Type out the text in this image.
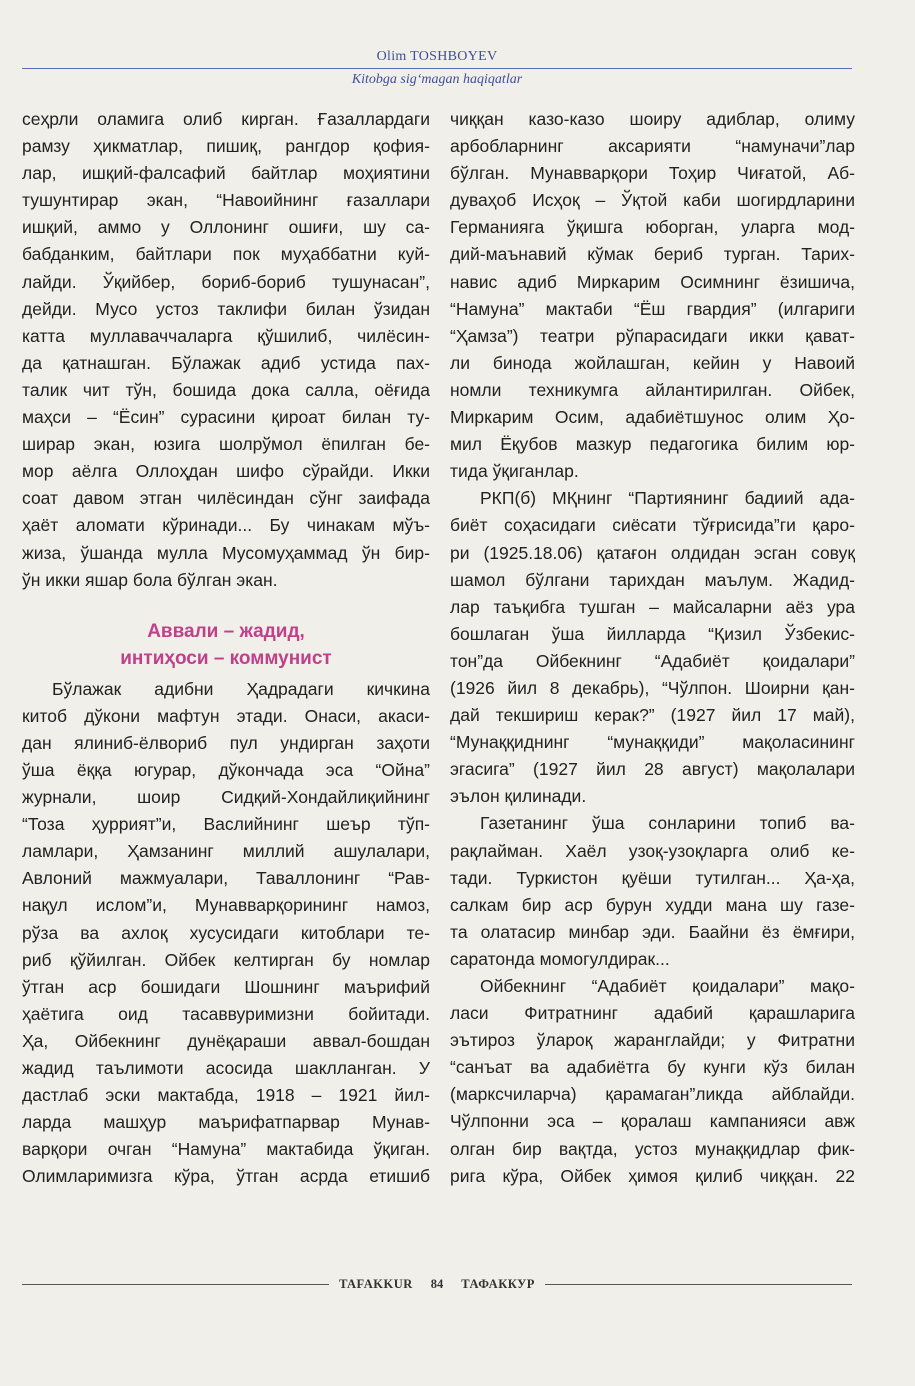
Olim TOSHBOYEV
Kitobga sig‘magan haqiqatlar
сеҳрли оламига олиб кирган. Ғазаллардаги
рамзу ҳикматлар, пишиқ, рангдор қофия-
лар, ишқий-фалсафий байтлар моҳиятини
тушунтирар экан, “Навоийнинг ғазаллари
ишқий, аммо у Оллонинг ошиғи, шу са-
бабданким, байтлари пок муҳаббатни куй-
лайди. Ўқийбер, бориб-бориб тушунасан”,
дейди. Мусо устоз таклифи билан ўзидан
катта муллаваччаларга қўшилиб, чилёсин-
да қатнашган. Бўлажак адиб устида пах-
талик чит тўн, бошида дока салла, оёғида
маҳси – “Ёсин” сурасини қироат билан ту-
ширар экан, юзига шолрўмол ёпилган бе-
мор аёлга Оллоҳдан шифо сўрайди. Икки
соат давом этган чилёсиндан сўнг заифада
ҳаёт аломати кўринади... Бу чинакам мўъ-
жиза, ўшанда мулла Мусомуҳаммад ўн бир-
ўн икки яшар бола бўлган экан.
Аввали – жадид,
интиҳоси – коммунист
Бўлажак адибни Ҳадрадаги кичкина
китоб дўкони мафтун этади. Онаси, акаси-
дан ялиниб-ёлвориб пул ундирган заҳоти
ўша ёққа югурар, дўкончада эса “Ойна”
журнали, шоир Сидқий-Хондайлиқийнинг
“Тоза ҳуррият”и, Васлийнинг шеър тўп-
ламлари, Ҳамзанинг миллий ашулалари,
Авлоний мажмуалари, Таваллонинг “Рав-
нақул ислом”и, Мунавварқорининг намоз,
рўза ва ахлоқ хусусидаги китоблари те-
риб қўйилган. Ойбек келтирган бу номлар
ўтган аср бошидаги Шошнинг маърифий
ҳаётига оид тасаввуримизни бойитади.
Ҳа, Ойбекнинг дунёқараши аввал-бошдан
жадид таълимоти асосида шаклланган. У
дастлаб эски мактабда, 1918 – 1921 йил-
ларда машҳур маърифатпарвар Мунав-
варқори очган “Намуна” мактабида ўқиган.
Олимларимизга кўра, ўтган асрда етишиб
чиққан казо-казо шоиру адиблар, олиму
арбобларнинг аксарияти “намуначи”лар
бўлган. Мунавварқори Тоҳир Чиғатой, Аб-
дуваҳоб Исҳоқ – Ўқтой каби шогирдларини
Германияга ўқишга юборган, уларга мод-
дий-маънавий кўмак бериб турган. Тарих-
навис адиб Миркарим Осимнинг ёзишича,
“Намуна” мактаби “Ёш гвардия” (илгариги
“Ҳамза”) театри рўпарасидаги икки қават-
ли бинода жойлашган, кейин у Навоий
номли техникумга айлантирилган. Ойбек,
Миркарим Осим, адабиётшунос олим Ҳо-
мил Ёқубов мазкур педагогика билим юр-
тида ўқиганлар.
РКП(б) МҚнинг “Партиянинг бадиий ада-
биёт соҳасидаги сиёсати тўғрисида”ги қаро-
ри (1925.18.06) қатағон олдидан эсган совуқ
шамол бўлгани тарихдан маълум. Жадид-
лар таъқибга тушган – майсаларни аёз ура
бошлаган ўша йилларда “Қизил Ўзбекис-
тон”да Ойбекнинг “Адабиёт қоидалари”
(1926 йил 8 декабрь), “Чўлпон. Шоирни қан-
дай текшириш керак?” (1927 йил 17 май),
“Мунаққиднинг “мунаққиди” мақоласининг
эгасига” (1927 йил 28 август) мақолалари
эълон қилинади.
Газетанинг ўша сонларини топиб ва-
рақлайман. Хаёл узоқ-узоқларга олиб ке-
тади. Туркистон қуёши тутилган... Ҳа-ҳа,
салкам бир аср бурун худди мана шу газе-
та олатасир минбар эди. Баайни ёз ёмғири,
саратонда момогулдирак...
Ойбекнинг “Адабиёт қоидалари” мақо-
ласи Фитратнинг адабий қарашларига
эътироз ўлароқ жаранглайди; у Фитратни
“санъат ва адабиётга бу кунги кўз билан
(марксчиларча) қарамаган”ликда айблайди.
Чўлпонни эса – қоралаш кампанияси авж
олган бир вақтда, устоз мунаққидлар фик-
рига кўра, Ойбек ҳимоя қилиб чиққан. 22
TAFAKKUR	84	ТАФАККУР
